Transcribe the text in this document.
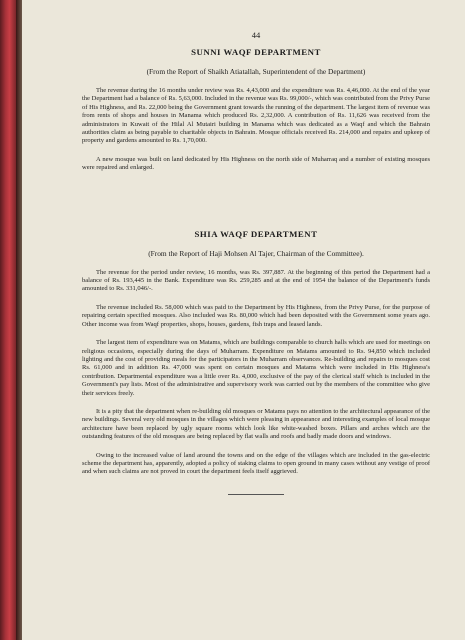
44
SUNNI WAQF DEPARTMENT
(From the Report of Shaikh Atiatallah, Superintendent of the Department)

The revenue during the 16 months under review was Rs. 4,43,000 and the expenditure was Rs. 4,46,000. At the end of the year the Department had a balance of Rs. 5,63,000. Included in the revenue was Rs. 99,000/-, which was contributed from the Privy Purse of His Highness, and Rs. 22,000 being the Government grant towards the running of the department. The largest item of revenue was from rents of shops and houses in Manama which produced Rs. 2,32,000. A contribution of Rs. 11,626 was received from the administrators in Kuwait of the Hilal Al Mutairi building in Manama which was dedicated as a Waqf and which the Bahrain authorities claim as being payable to charitable objects in Bahrain. Mosque officials received Rs. 214,000 and repairs and upkeep of property and gardens amounted to Rs. 1,70,000.

A new mosque was built on land dedicated by His Highness on the north side of Muharraq and a number of existing mosques were repaired and enlarged.

SHIA WAQF DEPARTMENT
(From the Report of Haji Mohsen Al Tajer, Chairman of the Committee).

The revenue for the period under review, 16 months, was Rs. 397,887. At the beginning of this period the Department had a balance of Rs. 193,445 in the Bank. Expenditure was Rs. 259,285 and at the end of 1954 the balance of the Department's funds amounted to Rs. 331,046/-.

The revenue included Rs. 58,000 which was paid to the Department by His Highness, from the Privy Purse, for the purpose of repairing certain specified mosques. Also included was Rs. 80,000 which had been deposited with the Government some years ago. Other income was from Waqf properties, shops, houses, gardens, fish traps and leased lands.

The largest item of expenditure was on Matams, which are buildings comparable to church halls which are used for meetings on religious occasions, especially during the days of Muharram. Expenditure on Matams amounted to Rs. 94,850 which included lighting and the cost of providing meals for the participators in the Muharram observances. Re-building and repairs to mosques cost Rs. 61,000 and in addition Rs. 47,000 was spent on certain mosques and Matams which were included in His Highness's contribution. Departmental expenditure was a little over Rs. 4,000, exclusive of the pay of the clerical staff which is included in the Government's pay lists. Most of the administrative and supervisory work was carried out by the members of the committee who give their services freely.

It is a pity that the department when re-building old mosques or Matams pays no attention to the architectural appearance of the new buildings. Several very old mosques in the villages which were pleasing in appearance and interesting examples of local mosque architecture have been replaced by ugly square rooms which look like white-washed boxes. Pillars and arches which are the outstanding features of the old mosques are being replaced by flat walls and roofs and badly made doors and windows.

Owing to the increased value of land around the towns and on the edge of the villages which are included in the gas-electric scheme the department has, apparently, adopted a policy of staking claims to open ground in many cases without any vestige of proof and when such claims are not proved in court the department feels itself aggrieved.
